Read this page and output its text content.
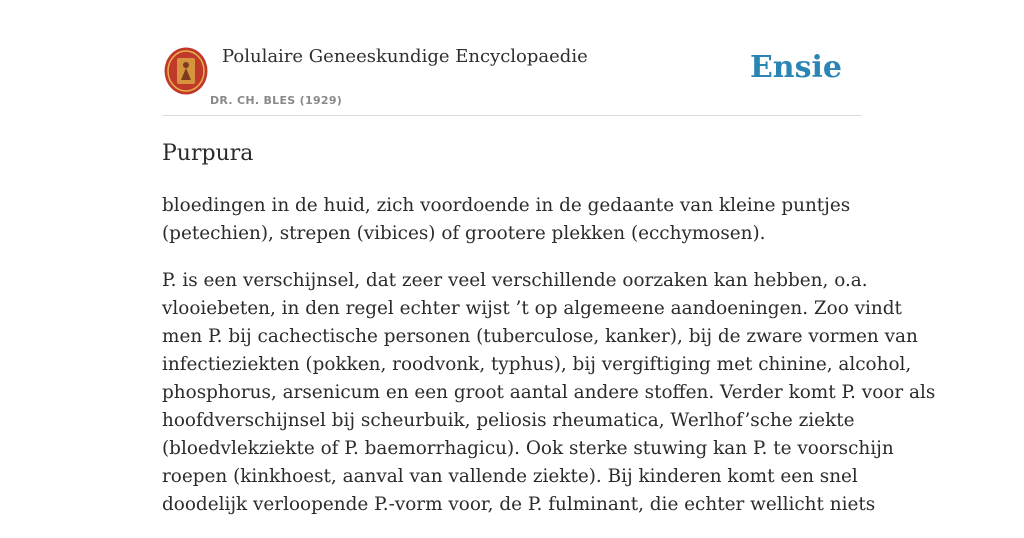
Polulaire Geneeskundige Encyclopaedie
DR. CH. BLES (1929)
Ensie
Purpura

bloedingen in de huid, zich voordoende in de gedaante van kleine puntjes
(petechien), strepen (vibices) of grootere plekken (ecchymosen).

P. is een verschijnsel, dat zeer veel verschillende oorzaken kan hebben, o.a.
vlooiebeten, in den regel echter wijst ’t op algemeene aandoeningen. Zoo vindt
men P. bij cachectische personen (tuberculose, kanker), bij de zware vormen van
infectieziekten (pokken, roodvonk, typhus), bij vergiftiging met chinine, alcohol,
phosphorus, arsenicum en een groot aantal andere stoffen. Verder komt P. voor als
hoofdverschijnsel bij scheurbuik, peliosis rheumatica, Werlhof’sche ziekte
(bloedvlekziekte of P. baemorrhagicu). Ook sterke stuwing kan P. te voorschijn
roepen (kinkhoest, aanval van vallende ziekte). Bij kinderen komt een snel
doodelijk verloopende P.-vorm voor, de P. fulminant, die echter wellicht niets
